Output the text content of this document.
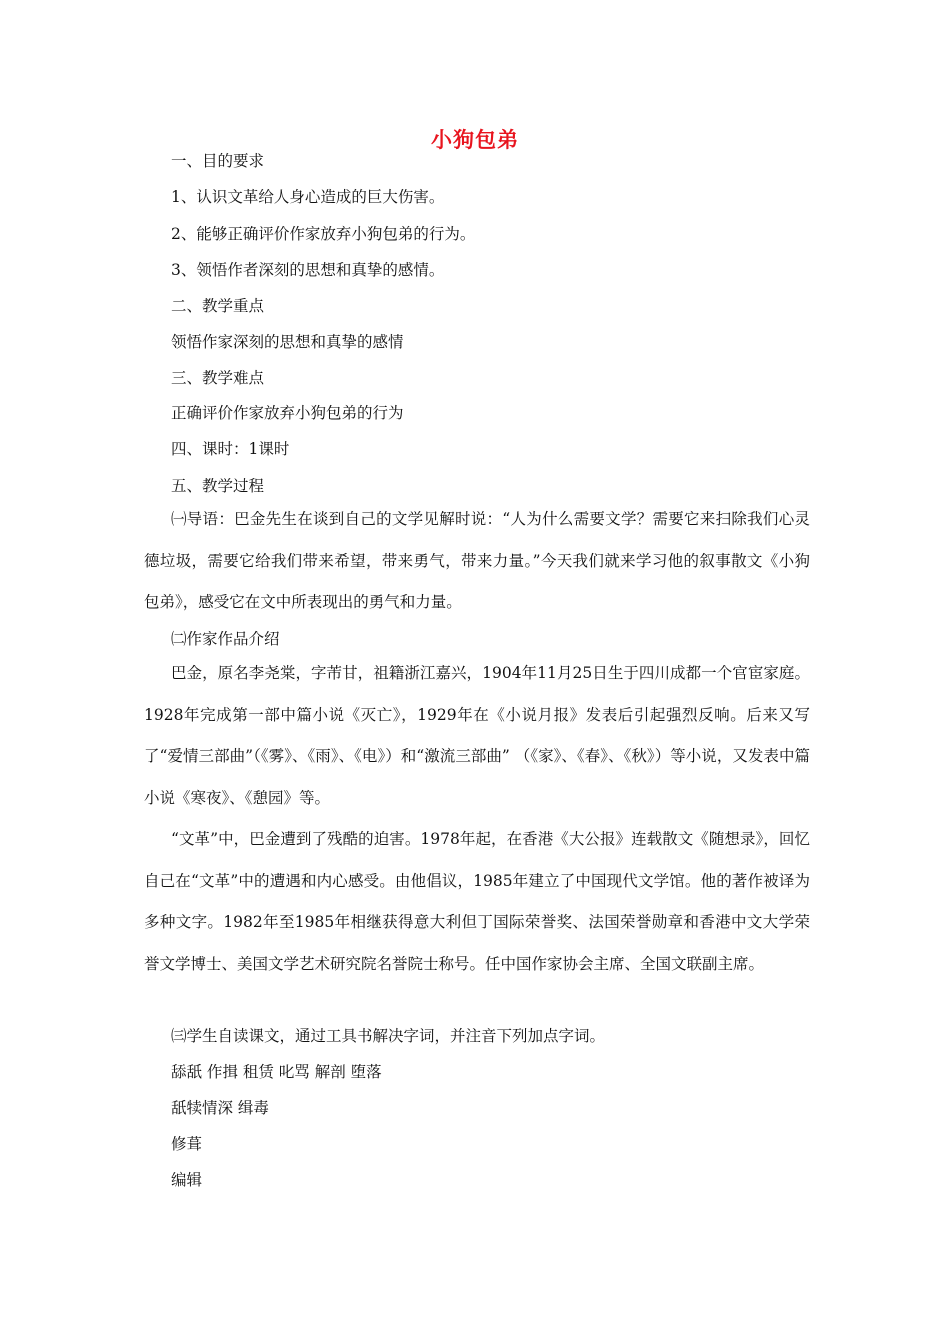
小狗包弟

一、目的要求

1、认识文革给人身心造成的巨大伤害。

2、能够正确评价作家放弃小狗包弟的行为。

3、领悟作者深刻的思想和真挚的感情。

二、教学重点

领悟作家深刻的思想和真挚的感情

三、教学难点

正确评价作家放弃小狗包弟的行为

四、课时：1课时

五、教学过程

㈠导语：巴金先生在谈到自己的文学见解时说：“人为什么需要文学？需要它来扫除我们心灵德垃圾，需要它给我们带来希望，带来勇气，带来力量。”今天我们就来学习他的叙事散文《小狗包弟》，感受它在文中所表现出的勇气和力量。

㈡作家作品介绍

巴金，原名李尧棠，字芾甘，祖籍浙江嘉兴，1904年11月25日生于四川成都一个官宦家庭。1928年完成第一部中篇小说《灭亡》，1929年在《小说月报》发表后引起强烈反响。后来又写了“爱情三部曲”（《雾》、《雨》、《电》）和“激流三部曲” （《家》、《春》、《秋》）等小说，又发表中篇小说《寒夜》、《憩园》等。

“文革”中，巴金遭到了残酷的迫害。1978年起，在香港《大公报》连载散文《随想录》，回忆自己在“文革”中的遭遇和内心感受。由他倡议，1985年建立了中国现代文学馆。他的著作被译为多种文字。1982年至1985年相继获得意大利但丁国际荣誉奖、法国荣誉勋章和香港中文大学荣誉文学博士、美国文学艺术研究院名誉院士称号。任中国作家协会主席、全国文联副主席。

㈢学生自读课文，通过工具书解决字词，并注音下列加点字词。

舔舐 作揖 租赁 叱骂 解剖 堕落

舐犊情深 缉毒

修葺

编辑
